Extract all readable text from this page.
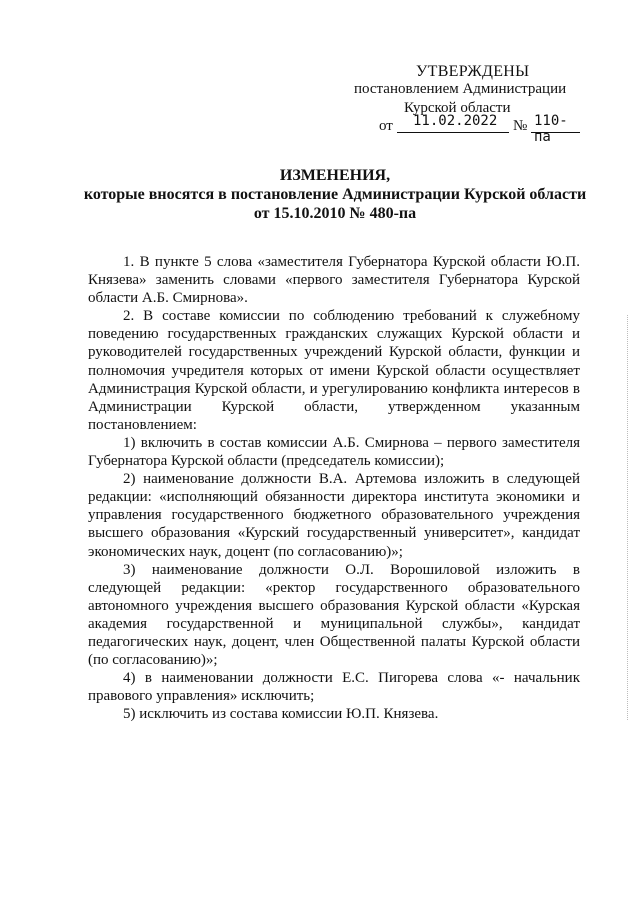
УТВЕРЖДЕНЫ
постановлением Администрации
Курской области
от 11.02.2022 № 110-па
ИЗМЕНЕНИЯ,
которые вносятся в постановление Администрации Курской области
от 15.10.2010 № 480-па

1. В пункте 5 слова «заместителя Губернатора Курской области Ю.П. Князева» заменить словами «первого заместителя Губернатора Курской области А.Б. Смирнова».

2. В составе комиссии по соблюдению требований к служебному поведению государственных гражданских служащих Курской области и руководителей государственных учреждений Курской области, функции и полномочия учредителя которых от имени Курской области осуществляет Администрация Курской области, и урегулированию конфликта интересов в Администрации Курской области, утвержденном указанным постановлением:

1) включить в состав комиссии А.Б. Смирнова – первого заместителя Губернатора Курской области (председатель комиссии);

2) наименование должности В.А. Артемова изложить в следующей редакции: «исполняющий обязанности директора института экономики и управления государственного бюджетного образовательного учреждения высшего образования «Курский государственный университет», кандидат экономических наук, доцент (по согласованию)»;

3) наименование должности О.Л. Ворошиловой изложить в следующей редакции: «ректор государственного образовательного автономного учреждения высшего образования Курской области «Курская академия государственной и муниципальной службы», кандидат педагогических наук, доцент, член Общественной палаты Курской области (по согласованию)»;

4) в наименовании должности Е.С. Пигорева слова «- начальник правового управления» исключить;

5) исключить из состава комиссии Ю.П. Князева.
